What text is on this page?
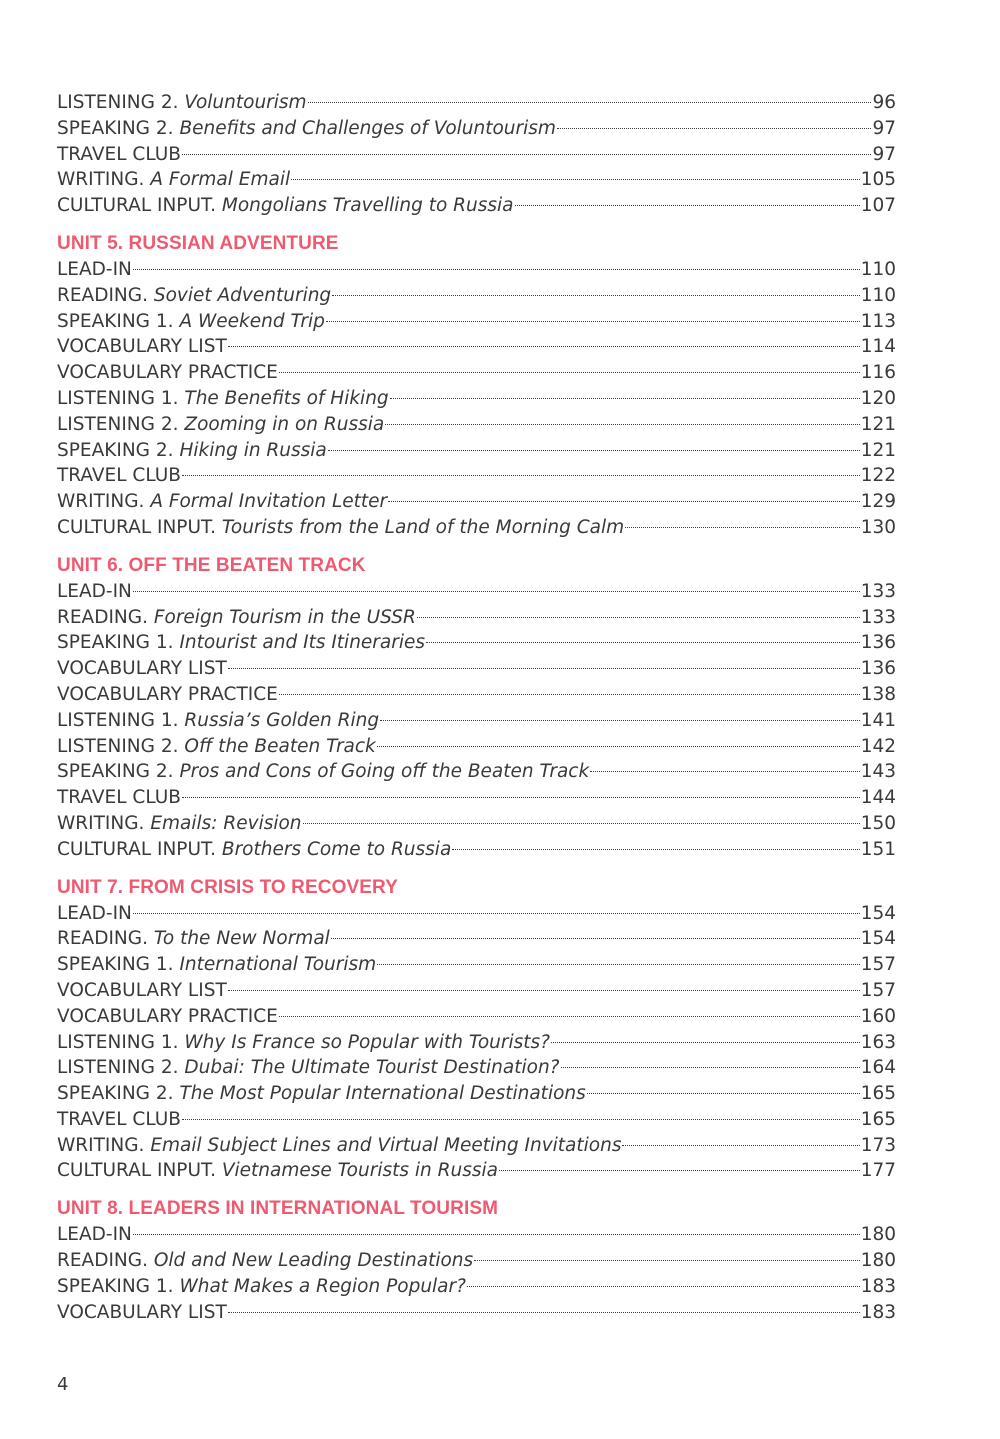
LISTENING 2. Voluntourism	96
SPEAKING 2. Benefits and Challenges of Voluntourism	97
TRAVEL CLUB	97
WRITING. A Formal Email	105
CULTURAL INPUT. Mongolians Travelling to Russia	107
UNIT 5. RUSSIAN ADVENTURE
LEAD-IN	110
READING. Soviet Adventuring	110
SPEAKING 1. A Weekend Trip	113
VOCABULARY LIST	114
VOCABULARY PRACTICE	116
LISTENING 1. The Benefits of Hiking	120
LISTENING 2. Zooming in on Russia	121
SPEAKING 2. Hiking in Russia	121
TRAVEL CLUB	122
WRITING. A Formal Invitation Letter	129
CULTURAL INPUT. Tourists from the Land of the Morning Calm	130
UNIT 6. OFF THE BEATEN TRACK
LEAD-IN	133
READING. Foreign Tourism in the USSR	133
SPEAKING 1. Intourist and Its Itineraries	136
VOCABULARY LIST	136
VOCABULARY PRACTICE	138
LISTENING 1. Russia’s Golden Ring	141
LISTENING 2. Off the Beaten Track	142
SPEAKING 2. Pros and Cons of Going off the Beaten Track	143
TRAVEL CLUB	144
WRITING. Emails: Revision	150
CULTURAL INPUT. Brothers Come to Russia	151
UNIT 7. FROM CRISIS TO RECOVERY
LEAD-IN	154
READING. To the New Normal	154
SPEAKING 1. International Tourism	157
VOCABULARY LIST	157
VOCABULARY PRACTICE	160
LISTENING 1. Why Is France so Popular with Tourists?	163
LISTENING 2. Dubai: The Ultimate Tourist Destination?	164
SPEAKING 2. The Most Popular International Destinations	165
TRAVEL CLUB	165
WRITING. Email Subject Lines and Virtual Meeting Invitations	173
CULTURAL INPUT. Vietnamese Tourists in Russia	177
UNIT 8. LEADERS IN INTERNATIONAL TOURISM
LEAD-IN	180
READING. Old and New Leading Destinations	180
SPEAKING 1. What Makes a Region Popular?	183
VOCABULARY LIST	183
4
